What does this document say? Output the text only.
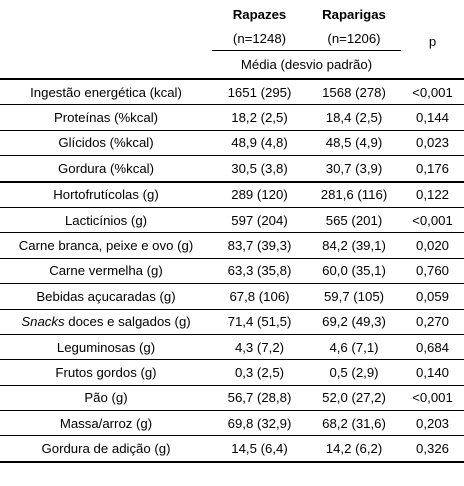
	Rapazes	Raparigas	p
	(n=1248)	(n=1206)	
	Média (desvio padrão)		
Ingestão energética (kcal)	1651 (295)	1568 (278)	<0,001
Proteínas (%kcal)	18,2 (2,5)	18,4 (2,5)	0,144
Glícidos (%kcal)	48,9 (4,8)	48,5 (4,9)	0,023
Gordura (%kcal)	30,5 (3,8)	30,7 (3,9)	0,176
Hortofrutícolas (g)	289 (120)	281,6 (116)	0,122
Lacticínios (g)	597 (204)	565 (201)	<0,001
Carne branca, peixe e ovo (g)	83,7 (39,3)	84,2 (39,1)	0,020
Carne vermelha (g)	63,3 (35,8)	60,0 (35,1)	0,760
Bebidas açucaradas (g)	67,8 (106)	59,7 (105)	0,059
Snacks doces e salgados (g)	71,4 (51,5)	69,2 (49,3)	0,270
Leguminosas (g)	4,3 (7,2)	4,6 (7,1)	0,684
Frutos gordos (g)	0,3 (2,5)	0,5 (2,9)	0,140
Pão (g)	56,7 (28,8)	52,0 (27,2)	<0,001
Massa/arroz (g)	69,8 (32,9)	68,2 (31,6)	0,203
Gordura de adição (g)	14,5 (6,4)	14,2 (6,2)	0,326
